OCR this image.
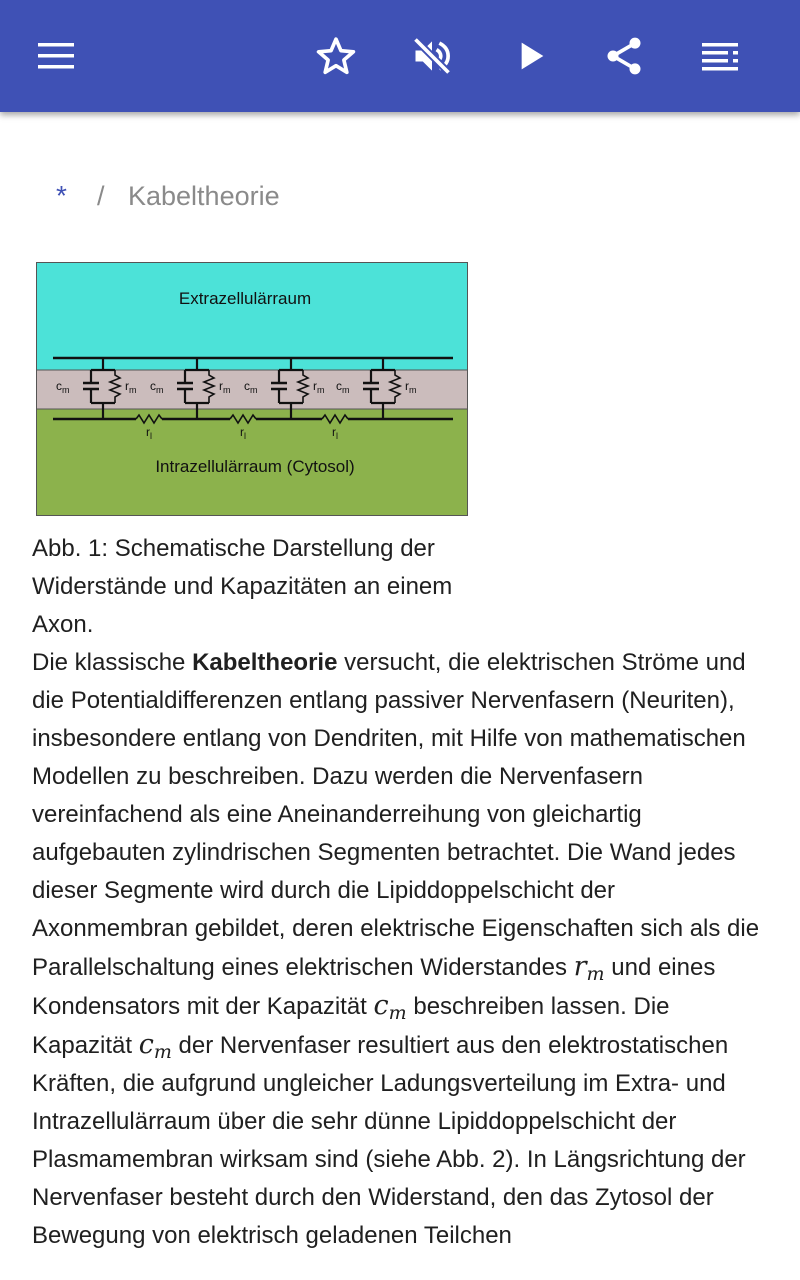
* / Kabeltheorie
Extrazellulärraum
Intrazellulärraum (Cytosol)
$c_m$	$r_m$ $c_m$	$r_m$ $c_m$	$r_m$ $c_m$	$r_m$
$r_l$	$r_l$	$r_l$

Abb. 1: Schematische Darstellung der Widerstände und Kapazitäten an einem Axon.

Die klassische Kabeltheorie versucht, die elektrischen Ströme und die Potentialdifferenzen entlang passiver Nervenfasern (Neuriten), insbesondere entlang von Dendriten, mit Hilfe von mathematischen Modellen zu beschreiben. Dazu werden die Nervenfasern vereinfachend als eine Aneinanderreihung von gleichartig aufgebauten zylindrischen Segmenten betrachtet. Die Wand jedes dieser Segmente wird durch die Lipiddoppelschicht der Axonmembran gebildet, deren elektrische Eigenschaften sich als die Parallelschaltung eines elektrischen Widerstandes $r_m$ und eines Kondensators mit der Kapazität $c_m$ beschreiben lassen. Die Kapazität $c_m$ der Nervenfaser resultiert aus den elektrostatischen Kräften, die aufgrund ungleicher Ladungsverteilung im Extra- und Intrazellulärraum über die sehr dünne Lipiddoppelschicht der Plasmamembran wirksam sind (siehe Abb. 2). In Längsrichtung der Nervenfaser besteht durch den Widerstand, den das Zytosol der Bewegung von elektrisch geladenen Teilchen
